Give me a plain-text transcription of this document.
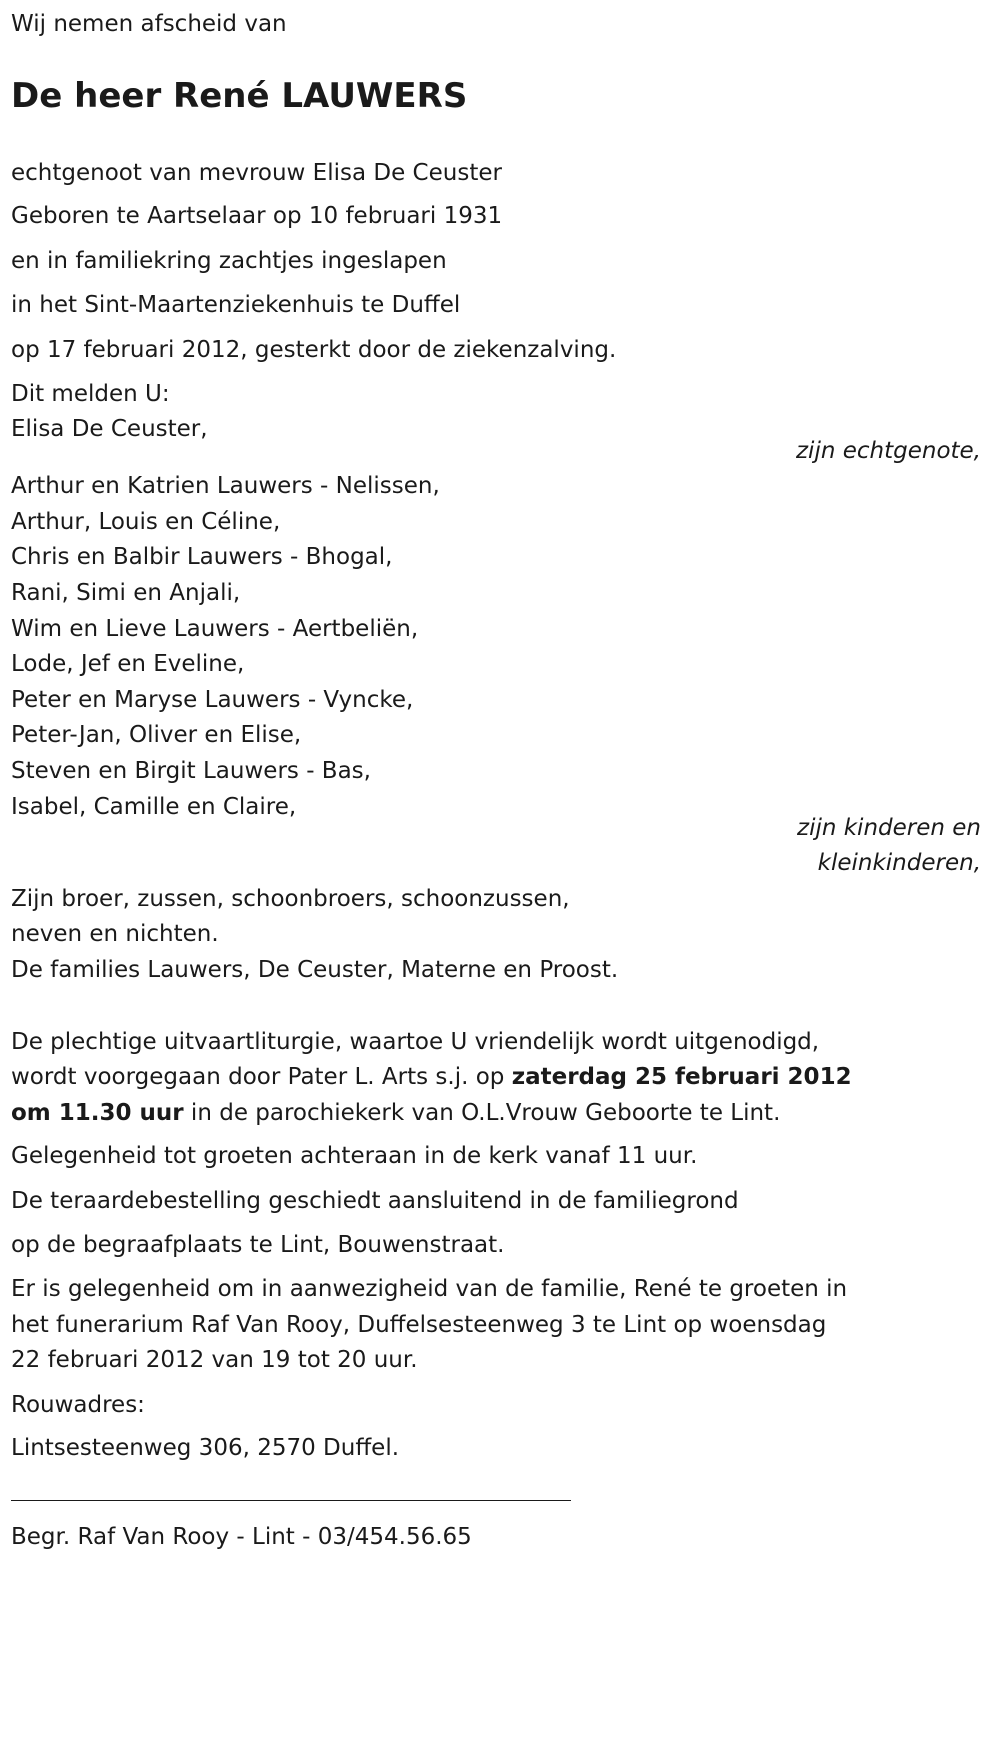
Wij nemen afscheid van
De heer René LAUWERS
echtgenoot van mevrouw Elisa De Ceuster
Geboren te Aartselaar op 10 februari 1931
en in familiekring zachtjes ingeslapen
in het Sint-Maartenziekenhuis te Duffel
op 17 februari 2012, gesterkt door de ziekenzalving.
Dit melden U:
Elisa De Ceuster,
zijn echtgenote,
Arthur en Katrien Lauwers - Nelissen,
Arthur, Louis en Céline,
Chris en Balbir Lauwers - Bhogal,
Rani, Simi en Anjali,
Wim en Lieve Lauwers - Aertbeliën,
Lode, Jef en Eveline,
Peter en Maryse Lauwers - Vyncke,
Peter-Jan, Oliver en Elise,
Steven en Birgit Lauwers - Bas,
Isabel, Camille en Claire,
zijn kinderen en
kleinkinderen,
Zijn broer, zussen, schoonbroers, schoonzussen,
neven en nichten.
De families Lauwers, De Ceuster, Materne en Proost.
De plechtige uitvaartliturgie, waartoe U vriendelijk wordt uitgenodigd,
wordt voorgegaan door Pater L. Arts s.j. op zaterdag 25 februari 2012
om 11.30 uur in de parochiekerk van O.L.Vrouw Geboorte te Lint.
Gelegenheid tot groeten achteraan in de kerk vanaf 11 uur.
De teraardebestelling geschiedt aansluitend in de familiegrond
op de begraafplaats te Lint, Bouwenstraat.
Er is gelegenheid om in aanwezigheid van de familie, René te groeten in
het funerarium Raf Van Rooy, Duffelsesteenweg 3 te Lint op woensdag
22 februari 2012 van 19 tot 20 uur.
Rouwadres:
Lintsesteenweg 306, 2570 Duffel.
Begr. Raf Van Rooy - Lint - 03/454.56.65
